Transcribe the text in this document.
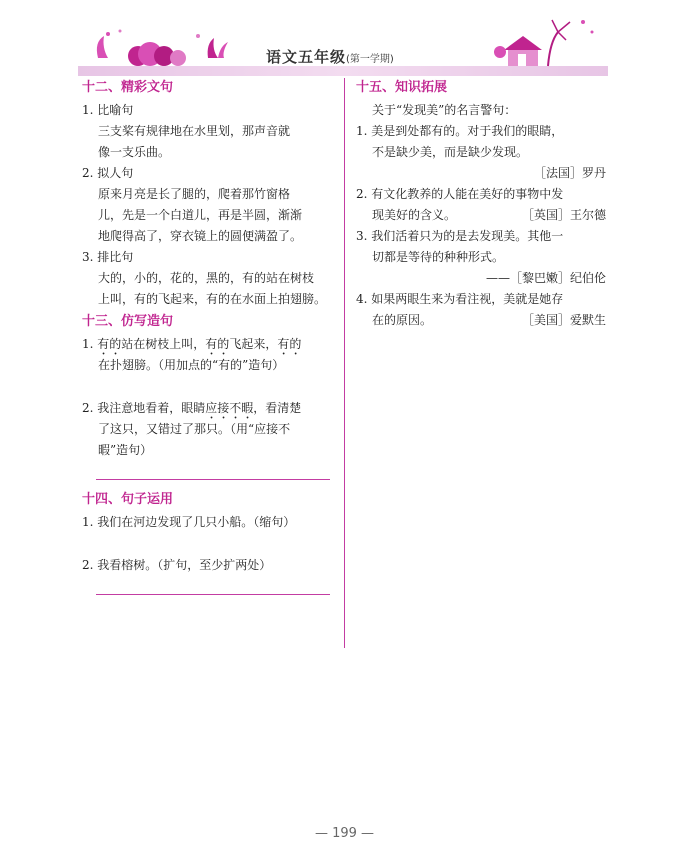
语文五年级(第一学期)
十二、精彩文句
1. 比喻句
三支桨有规律地在水里划，那声音就
像一支乐曲。
2. 拟人句
原来月亮是长了腿的，爬着那竹窗格
儿，先是一个白道儿，再是半圆，渐渐
地爬得高了，穿衣镜上的圆便满盈了。
3. 排比句
大的，小的，花的，黑的，有的站在树枝
上叫，有的飞起来，有的在水面上拍翅膀。
十三、仿写造句
1. 有的站在树枝上叫，有的飞起来，有的
在扑翅膀。（用加点的“有的”造句）
2. 我注意地看着，眼睛应接不暇，看清楚
了这只，又错过了那只。（用“应接不
暇”造句）
十四、句子运用
1. 我们在河边发现了几只小船。（缩句）
2. 我看榕树。（扩句，至少扩两处）
十五、知识拓展
关于“发现美”的名言警句：
1. 美是到处都有的。对于我们的眼睛，
不是缺少美，而是缺少发现。
［法国］罗丹
2. 有文化教养的人能在美好的事物中发
现美好的含义。	［英国］王尔德
3. 我们活着只为的是去发现美。其他一
切都是等待的种种形式。
——［黎巴嫩］纪伯伦
4. 如果两眼生来为看注视，美就是她存
在的原因。	［美国］爱默生
— 199 —
